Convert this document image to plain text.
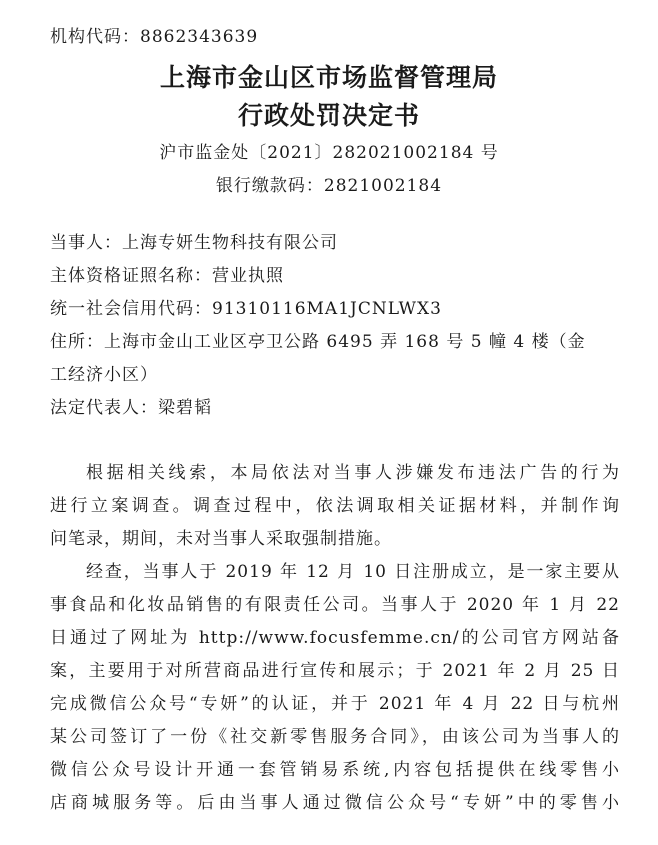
机构代码：8862343639
上海市金山区市场监督管理局
行政处罚决定书
沪市监金处〔2021〕282021002184 号
银行缴款码：2821002184
当事人：上海专妍生物科技有限公司
主体资格证照名称：营业执照
统一社会信用代码：91310116MA1JCNLWX3
住所：上海市金山工业区亭卫公路 6495 弄 168 号 5 幢 4 楼（金
工经济小区）
法定代表人：梁碧韬
根据相关线索，本局依法对当事人涉嫌发布违法广告的行为
进行立案调查。调查过程中，依法调取相关证据材料，并制作询
问笔录，期间，未对当事人采取强制措施。
经查，当事人于 2019 年 12 月 10 日注册成立，是一家主要从
事食品和化妆品销售的有限责任公司。当事人于 2020 年 1 月 22
日通过了网址为 http://www.focusfemme.cn/的公司官方网站备
案，主要用于对所营商品进行宣传和展示；于 2021 年 2 月 25 日
完成微信公众号“专妍”的认证，并于 2021 年 4 月 22 日与杭州
某公司签订了一份《社交新零售服务合同》，由该公司为当事人的
微信公众号设计开通一套管销易系统,内容包括提供在线零售小
店商城服务等。后由当事人通过微信公众号“专妍”中的零售小
